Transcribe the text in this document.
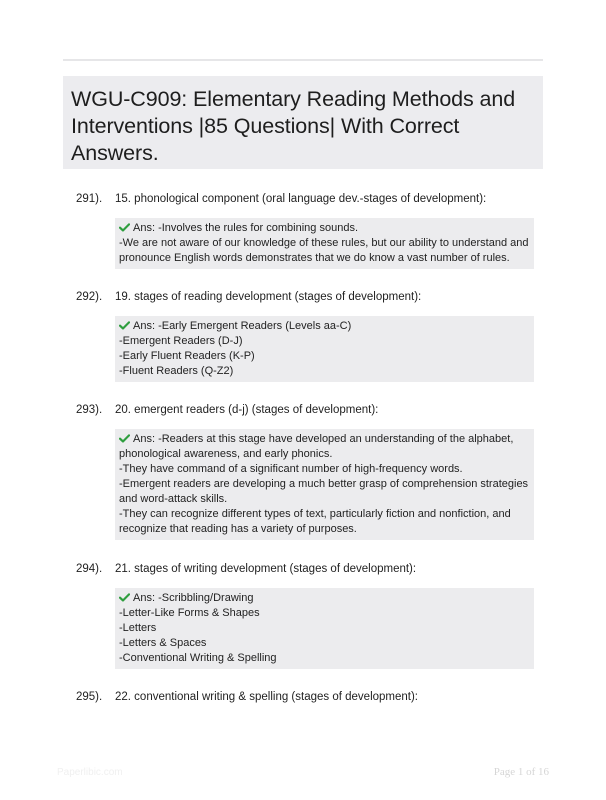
WGU-C909: Elementary Reading Methods and Interventions |85 Questions| With Correct Answers.
291). 15. phonological component (oral language dev.-stages of development):
Ans: -Involves the rules for combining sounds.
-We are not aware of our knowledge of these rules, but our ability to understand and
pronounce English words demonstrates that we do know a vast number of rules.
292). 19. stages of reading development (stages of development):
Ans: -Early Emergent Readers (Levels aa-C)
-Emergent Readers (D-J)
-Early Fluent Readers (K-P)
-Fluent Readers (Q-Z2)
293). 20. emergent readers (d-j) (stages of development):
Ans: -Readers at this stage have developed an understanding of the alphabet,
phonological awareness, and early phonics.
-They have command of a significant number of high-frequency words.
-Emergent readers are developing a much better grasp of comprehension strategies
and word-attack skills.
-They can recognize different types of text, particularly fiction and nonfiction, and
recognize that reading has a variety of purposes.
294). 21. stages of writing development (stages of development):
Ans: -Scribbling/Drawing
-Letter-Like Forms & Shapes
-Letters
-Letters & Spaces
-Conventional Writing & Spelling
295). 22. conventional writing & spelling (stages of development):
Paperlibic.com	Page 1 of 16
